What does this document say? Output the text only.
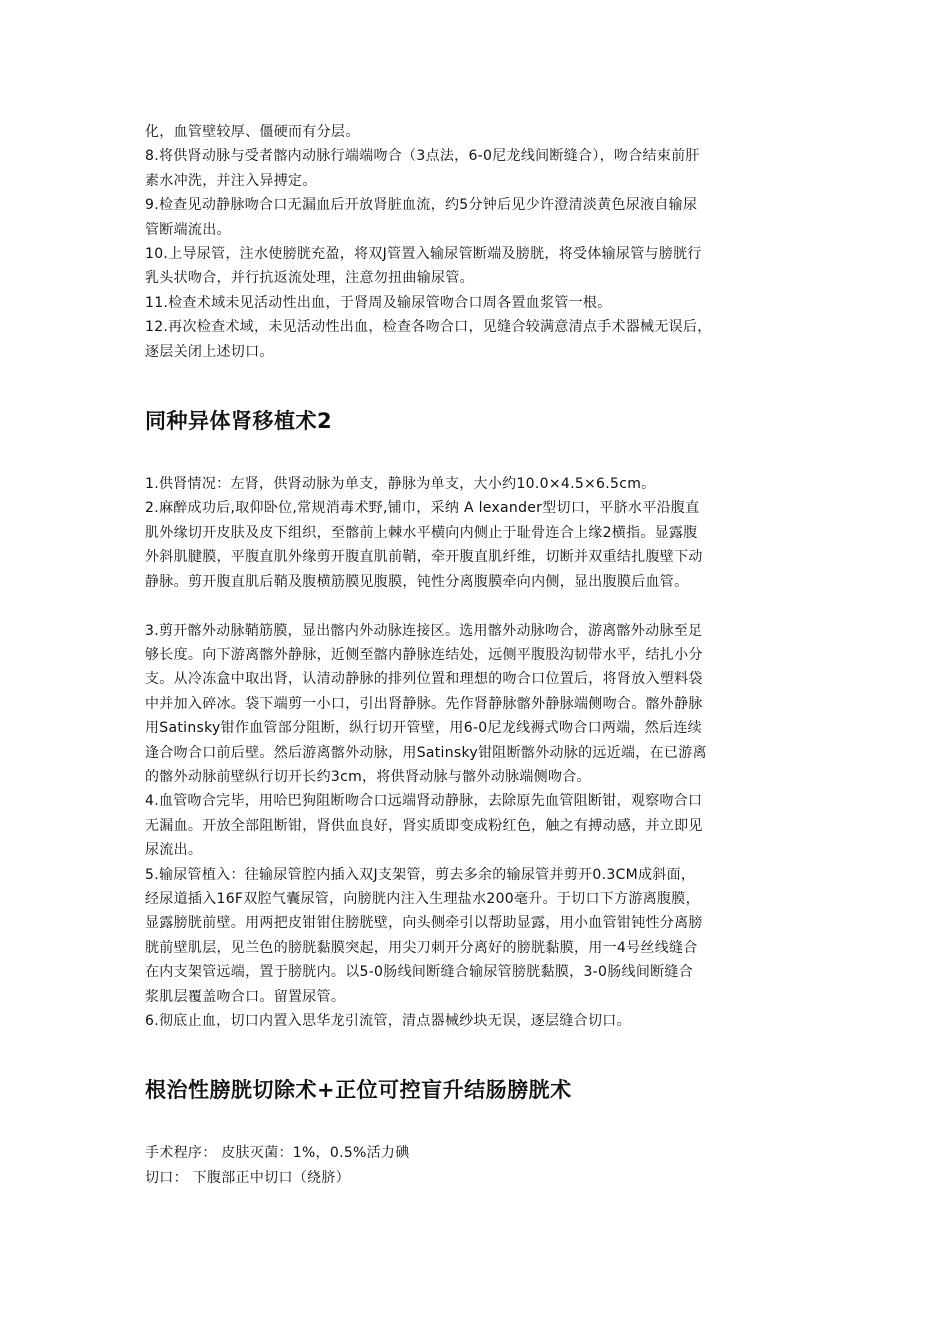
化，血管壁较厚、僵硬而有分层。
8.将供肾动脉与受者髂内动脉行端端吻合（3点法，6-0尼龙线间断缝合），吻合结束前肝
素水冲洗，并注入异搏定。
9.检查见动静脉吻合口无漏血后开放肾脏血流，约5分钟后见少许澄清淡黄色尿液自输尿
管断端流出。
10.上导尿管，注水使膀胱充盈，将双J管置入输尿管断端及膀胱，将受体输尿管与膀胱行
乳头状吻合，并行抗返流处理，注意勿扭曲输尿管。
11.检查术域未见活动性出血，于肾周及输尿管吻合口周各置血浆管一根。
12.再次检查术域，未见活动性出血，检查各吻合口，见缝合较满意清点手术器械无误后，
逐层关闭上述切口。
同种异体肾移植术2
1.供肾情况：左肾，供肾动脉为单支，静脉为单支，大小约10.0×4.5×6.5cm。
2.麻醉成功后,取仰卧位,常规消毒术野,铺巾，采纳 A lexander型切口，平脐水平沿腹直
肌外缘切开皮肤及皮下组织，至髂前上棘水平横向内侧止于耻骨连合上缘2横指。显露腹
外斜肌腱膜，平腹直肌外缘剪开腹直肌前鞘，牵开腹直肌纤维，切断并双重结扎腹壁下动
静脉。剪开腹直肌后鞘及腹横筋膜见腹膜，钝性分离腹膜牵向内侧，显出腹膜后血管。

3.剪开髂外动脉鞘筋膜，显出髂内外动脉连接区。选用髂外动脉吻合，游离髂外动脉至足
够长度。向下游离髂外静脉，近侧至髂内静脉连结处，远侧平腹股沟韧带水平，结扎小分
支。从冷冻盒中取出肾，认清动静脉的排列位置和理想的吻合口位置后，将肾放入塑料袋
中并加入碎冰。袋下端剪一小口，引出肾静脉。先作肾静脉髂外静脉端侧吻合。髂外静脉
用Satinsky钳作血管部分阻断，纵行切开管壁，用6-0尼龙线褥式吻合口两端，然后连续
逢合吻合口前后壁。然后游离髂外动脉，用Satinsky钳阻断髂外动脉的远近端，在已游离
的髂外动脉前壁纵行切开长约3cm，将供肾动脉与髂外动脉端侧吻合。
4.血管吻合完毕，用哈巴狗阻断吻合口远端肾动静脉，去除原先血管阻断钳，观察吻合口
无漏血。开放全部阻断钳，肾供血良好，肾实质即变成粉红色，触之有搏动感，并立即见
尿流出。
5.输尿管植入：往输尿管腔内插入双J支架管，剪去多余的输尿管并剪开0.3CM成斜面，
经尿道插入16F双腔气囊尿管，向膀胱内注入生理盐水200毫升。于切口下方游离腹膜，
显露膀胱前壁。用两把皮钳钳住膀胱壁，向头侧牵引以帮助显露，用小血管钳钝性分离膀
胱前壁肌层，见兰色的膀胱黏膜突起，用尖刀刺开分离好的膀胱黏膜，用一4号丝线缝合
在内支架管远端，置于膀胱内。以5-0肠线间断缝合输尿管膀胱黏膜，3-0肠线间断缝合
浆肌层覆盖吻合口。留置尿管。
6.彻底止血，切口内置入思华龙引流管，清点器械纱块无误，逐层缝合切口。
根治性膀胱切除术+正位可控盲升结肠膀胱术
手术程序： 皮肤灭菌：1%，0.5%活力碘
切口： 下腹部正中切口（绕脐）
